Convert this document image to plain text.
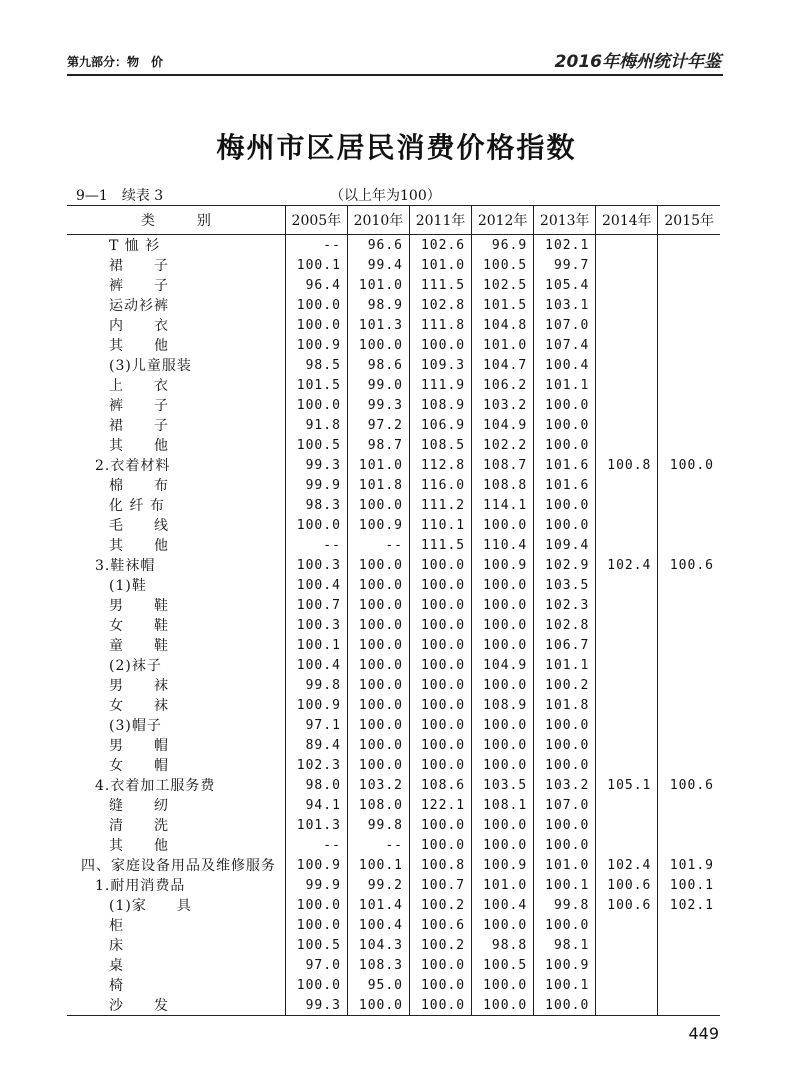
第九部分：物　价	2016年梅州统计年鉴
梅州市区居民消费价格指数
9—1　续表 3	（以上年为100）
类　　　别	2005年	2010年	2011年	2012年	2013年	2014年	2015年
T 恤 衫	--	96.6	102.6	96.9	102.1		
裙　　子	100.1	99.4	101.0	100.5	99.7		
裤　　子	96.4	101.0	111.5	102.5	105.4		
运动衫裤	100.0	98.9	102.8	101.5	103.1		
内　　衣	100.0	101.3	111.8	104.8	107.0		
其　　他	100.9	100.0	100.0	101.0	107.4		
(3)儿童服装	98.5	98.6	109.3	104.7	100.4		
上　　衣	101.5	99.0	111.9	106.2	101.1		
裤　　子	100.0	99.3	108.9	103.2	100.0		
裙　　子	91.8	97.2	106.9	104.9	100.0		
其　　他	100.5	98.7	108.5	102.2	100.0		
2.衣着材料	99.3	101.0	112.8	108.7	101.6	100.8	100.0
棉　　布	99.9	101.8	116.0	108.8	101.6		
化 纤 布	98.3	100.0	111.2	114.1	100.0		
毛　　线	100.0	100.9	110.1	100.0	100.0		
其　　他	--	--	111.5	110.4	109.4		
3.鞋袜帽	100.3	100.0	100.0	100.9	102.9	102.4	100.6
(1)鞋	100.4	100.0	100.0	100.0	103.5		
男　　鞋	100.7	100.0	100.0	100.0	102.3		
女　　鞋	100.3	100.0	100.0	100.0	102.8		
童　　鞋	100.1	100.0	100.0	100.0	106.7		
(2)袜子	100.4	100.0	100.0	104.9	101.1		
男　　袜	99.8	100.0	100.0	100.0	100.2		
女　　袜	100.9	100.0	100.0	108.9	101.8		
(3)帽子	97.1	100.0	100.0	100.0	100.0		
男　　帽	89.4	100.0	100.0	100.0	100.0		
女　　帽	102.3	100.0	100.0	100.0	100.0		
4.衣着加工服务费	98.0	103.2	108.6	103.5	103.2	105.1	100.6
缝　　纫	94.1	108.0	122.1	108.1	107.0		
清　　洗	101.3	99.8	100.0	100.0	100.0		
其　　他	--	--	100.0	100.0	100.0		
四、家庭设备用品及维修服务	100.9	100.1	100.8	100.9	101.0	102.4	101.9
1.耐用消费品	99.9	99.2	100.7	101.0	100.1	100.6	100.1
(1)家　　具	100.0	101.4	100.2	100.4	99.8	100.6	102.1
柜	100.0	100.4	100.6	100.0	100.0		
床	100.5	104.3	100.2	98.8	98.1		
桌	97.0	108.3	100.0	100.5	100.9		
椅	100.0	95.0	100.0	100.0	100.1		
沙　　发	99.3	100.0	100.0	100.0	100.0		
449
